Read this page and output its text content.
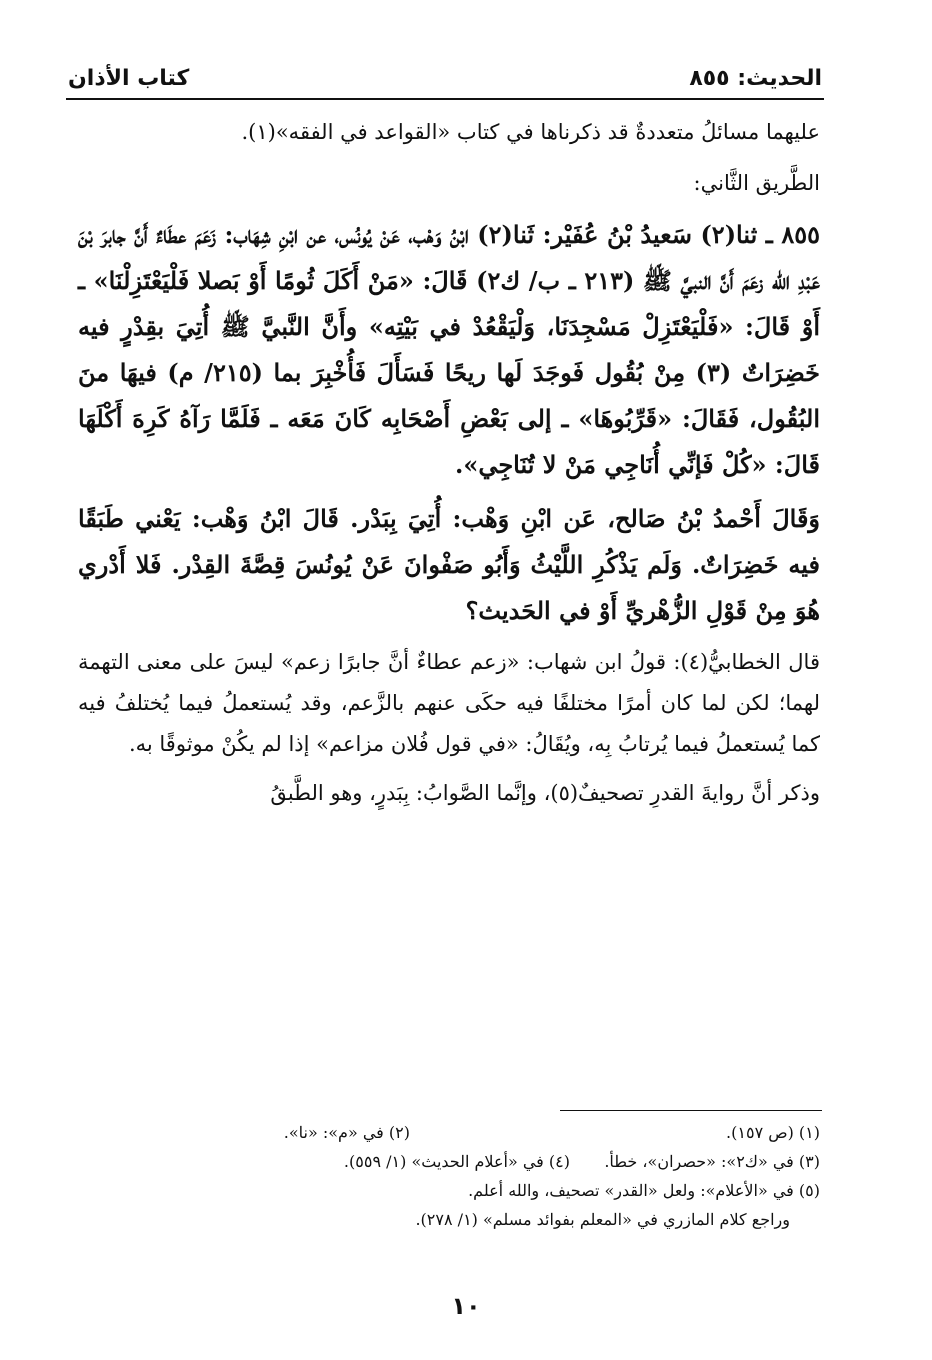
الحديث: ٨٥٥
كتاب الأذان

عليهما مسائلُ متعددةٌ قد ذكرناها في كتاب «القواعد في الفقه»(١).

الطَّريق الثَّاني:

٨٥٥ ـ ثنا(٢) سَعيدُ بْنُ عُفَيْر: ثَنا(٢) ابْنُ وَهْب، عَنْ يُونُس، عن ابْنِ شِهَاب: زَعَمَ عطَاءٌ أَنَّ جابرَ بْنَ عَبْدِ الله زعَمَ أَنَّ النبيَّ ﷺ (٢١٣ ـ ب/ ك٢) قَالَ: «مَنْ أَكَلَ ثُومًا أَوْ بَصلا فَلْيَعْتَزِلْنَا» ـ أَوْ قَالَ: «فَلْيَعْتَزِلْ مَسْجِدَنَا، وَلْيَقْعُدْ في بَيْتِه» وأَنَّ النَّبيَّ ﷺ أُتِيَ بقِدْرٍ فيه خَضِرَاتٌ (٣) مِنْ بُقُول فَوجَدَ لَها ريحًا فَسَأَلَ فَأُخْبِرَ بما (٢١٥/ م) فيهَا منَ البُقُول، فَقَالَ: «قَرِّبُوهَا» ـ إلى بَعْضِ أَصْحَابِه كَانَ مَعَه ـ فَلَمَّا رَآهُ كَرِهَ أَكْلَهَا قَالَ: «كُلْ فَإنِّي أُنَاجِي مَنْ لا تُنَاجِي».

وَقَالَ أَحْمدُ بْنُ صَالح، عَن ابْنِ وَهْب: أُتِيَ بِبَدْر. قَالَ ابْنُ وَهْب: يَعْني طَبَقًا فيه خَضِرَاتٌ. وَلَم يَذْكُرِ اللَّيْثُ وَأَبُو صَفْوانَ عَنْ يُونُسَ قِصَّةَ القِدْر. فَلا أَدْري هُوَ مِنْ قَوْلِ الزُّهْريِّ أَوْ في الحَديث؟

قال الخطابيُّ(٤): قولُ ابن شهاب: «زعم عطاءٌ أنَّ جابرًا زعم» ليسَ على معنى التهمة لهما؛ لكن لما كان أمرًا مختلفًا فيه حكَى عنهم بالزَّعم، وقد يُستعملُ فيما يُختلفُ فيه كما يُستعملُ فيما يُرتابُ بِه، ويُقَالُ: «في قول فُلان مزاعم» إذا لم يكُنْ موثوقًا به.

وذكر أنَّ روايةَ القدرِ تصحيفٌ(٥)، وإنَّما الصَّوابُ: بِبَدرٍ، وهو الطَّبقُ

(١) (ص ١٥٧).
(٢) في «م»: «نا».
(٣) في «ك٢»: «حصران»، خطأ.
(٤) في «أعلام الحديث» (١/ ٥٥٩).
(٥) في «الأعلام»: ولعل «القدر» تصحيف، والله أعلم.
وراجع كلام المازري في «المعلم بفوائد مسلم» (١/ ٢٧٨).
١٠
